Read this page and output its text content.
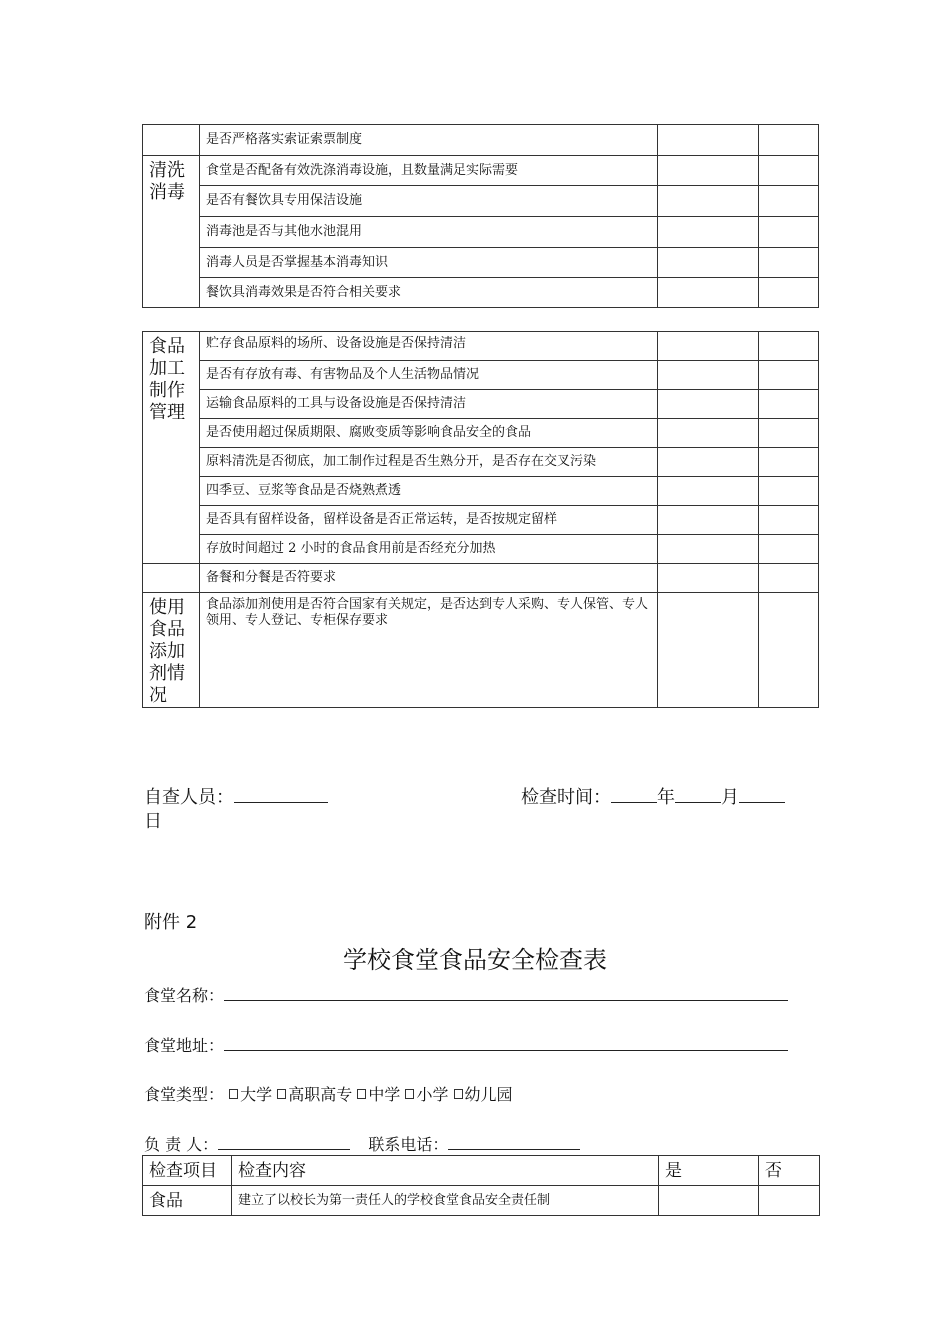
	是否严格落实索证索票制度		
清洗消毒	食堂是否配备有效洗涤消毒设施，且数量满足实际需要		
	是否有餐饮具专用保洁设施		
	消毒池是否与其他水池混用		
	消毒人员是否掌握基本消毒知识		
	餐饮具消毒效果是否符合相关要求		
食品加工制作管理	贮存食品原料的场所、设备设施是否保持清洁		
	是否有存放有毒、有害物品及个人生活物品情况		
	运输食品原料的工具与设备设施是否保持清洁		
	是否使用超过保质期限、腐败变质等影响食品安全的食品		
	原料清洗是否彻底，加工制作过程是否生熟分开，是否存在交叉污染		
	四季豆、豆浆等食品是否烧熟煮透		
	是否具有留样设备，留样设备是否正常运转，是否按规定留样		
	存放时间超过 2 小时的食品食用前是否经充分加热		
	备餐和分餐是否符要求		
使用食品添加剂情况	食品添加剂使用是否符合国家有关规定，是否达到专人采购、专人保管、专人领用、专人登记、专柜保存要求		
自查人员：	检查时间：	年	月
日
附件 2
学校食堂食品安全检查表
食堂名称：
食堂地址：
食堂类型： 大学 高职高专 中学 小学 幼儿园
负 责 人：	联系电话：
检查项目	检查内容	是	否
食品	建立了以校长为第一责任人的学校食堂食品安全责任制		
